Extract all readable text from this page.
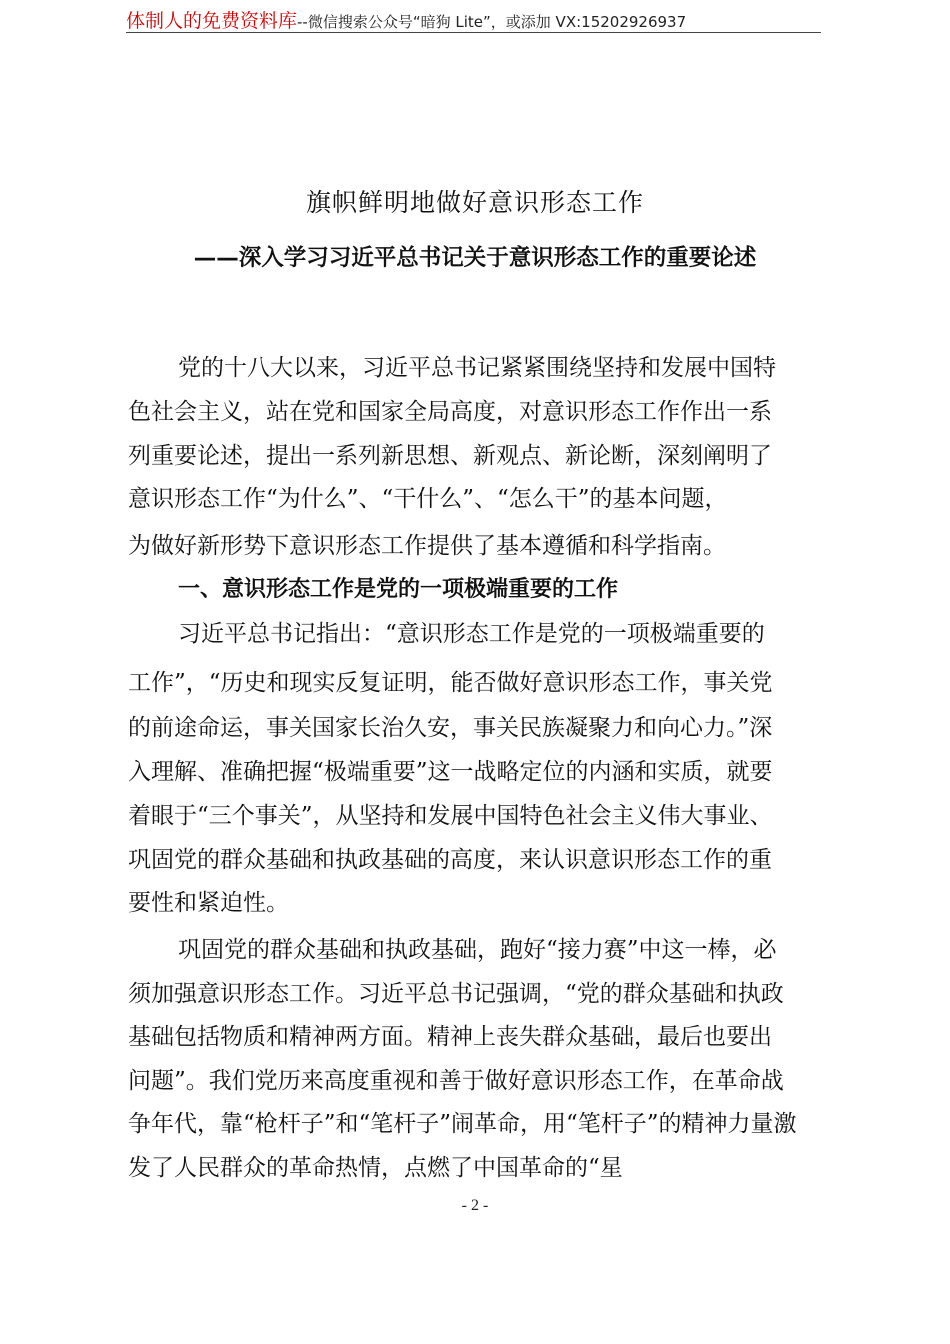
体制人的免费资料库--微信搜索公众号“暗狗 Lite”，或添加 VX:15202926937
旗帜鲜明地做好意识形态工作
——深入学习习近平总书记关于意识形态工作的重要论述
党的十八大以来，习近平总书记紧紧围绕坚持和发展中国特
色社会主义，站在党和国家全局高度，对意识形态工作作出一系
列重要论述，提出一系列新思想、新观点、新论断，深刻阐明了
意识形态工作“为什么”、“干什么”、“怎么干”的基本问题，
为做好新形势下意识形态工作提供了基本遵循和科学指南。
一、意识形态工作是党的一项极端重要的工作
习近平总书记指出：“意识形态工作是党的一项极端重要的
工作”，“历史和现实反复证明，能否做好意识形态工作，事关党
的前途命运，事关国家长治久安，事关民族凝聚力和向心力。”深
入理解、准确把握“极端重要”这一战略定位的内涵和实质，就要
着眼于“三个事关”，从坚持和发展中国特色社会主义伟大事业、
巩固党的群众基础和执政基础的高度，来认识意识形态工作的重
要性和紧迫性。
巩固党的群众基础和执政基础，跑好“接力赛”中这一棒，必
须加强意识形态工作。习近平总书记强调，“党的群众基础和执政
基础包括物质和精神两方面。精神上丧失群众基础，最后也要出
问题”。我们党历来高度重视和善于做好意识形态工作，在革命战
争年代，靠“枪杆子”和“笔杆子”闹革命，用“笔杆子”的精神力量激
发了人民群众的革命热情，点燃了中国革命的“星
- 2 -
